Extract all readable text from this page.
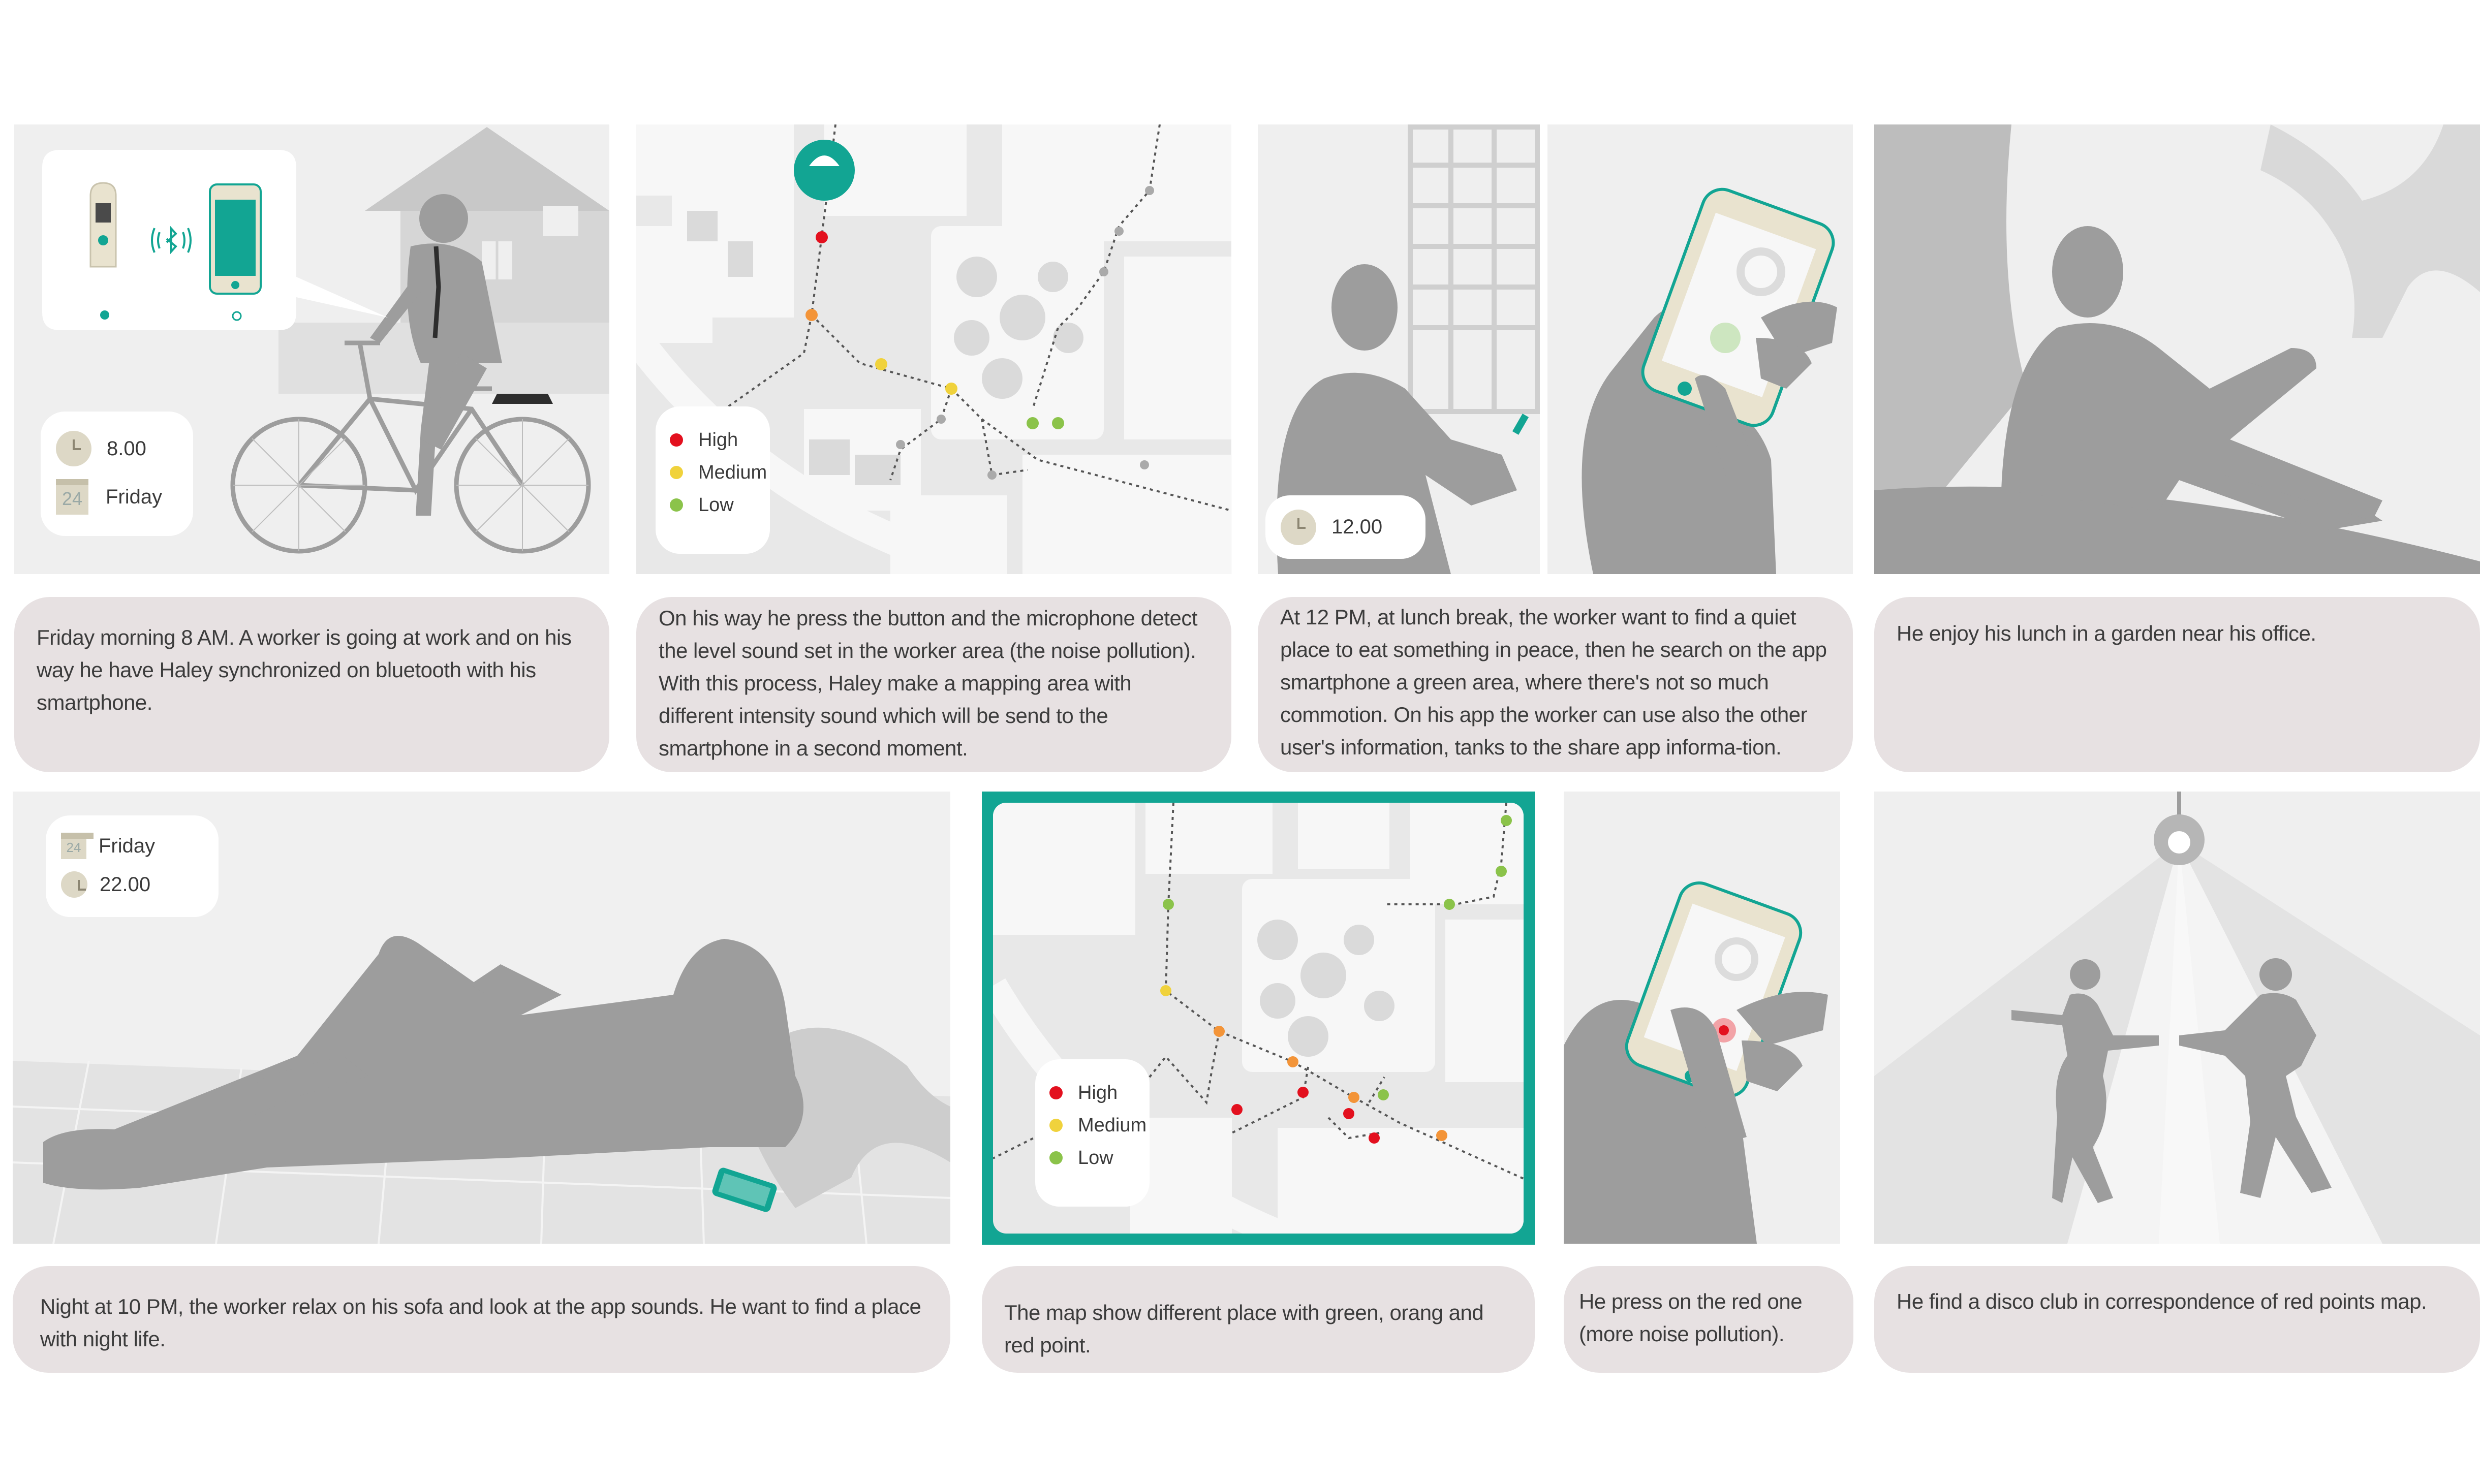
8.00
24 Friday
Friday morning 8 AM. A worker is going at work and on his way he have Haley synchronized on bluetooth with his smartphone.
High
Medium
Low
On his way he press the button and the microphone detect the level sound set in the worker area (the noise pollution). With this process, Haley make a mapping area with different intensity sound which will be send to the smartphone in a second moment.
12.00
At 12 PM, at lunch break, the worker want to find a quiet place to eat something in peace, then he search on the app smartphone a green area, where there's not so much commotion. On his app the worker can use also the other user's information, tanks to the share app informa-tion.
He enjoy his lunch in a garden near his office.
24 Friday
22.00
Night at 10 PM, the worker relax on his sofa and look at the app sounds. He want to find a place with night life.
High
Medium
Low
The map show different place with green, orang and red point.
He press on the red one (more noise pollution).
He find a disco club in correspondence of red points map.
